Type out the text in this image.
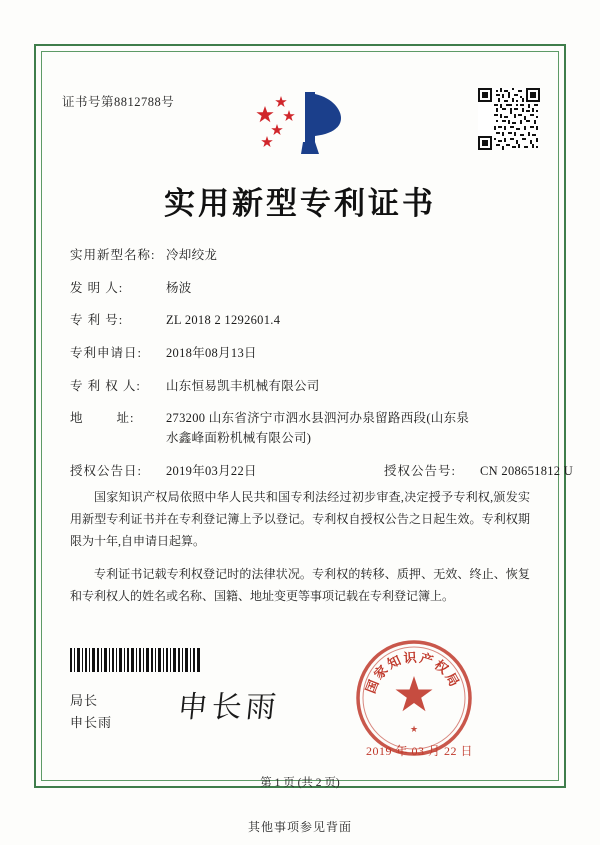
证书号第8812788号
实用新型专利证书
实用新型名称: 冷却绞龙
发 明 人:	杨波
专 利 号:	ZL 2018 2 1292601.4
专利申请日:	2018年08月13日
专 利 权 人:	山东恒易凯丰机械有限公司
地        址:	273200 山东省济宁市泗水县泗河办泉留路西段(山东泉
水鑫峰面粉机械有限公司)
授权公告日:	2019年03月22日	授权公告号:	CN 208651812 U

国家知识产权局依照中华人民共和国专利法经过初步审查,决定授予专利权,颁发实用新型专利证书并在专利登记簿上予以登记。专利权自授权公告之日起生效。专利权期限为十年,自申请日起算。

专利证书记载专利权登记时的法律状况。专利权的转移、质押、无效、终止、恢复和专利权人的姓名或名称、国籍、地址变更等事项记载在专利登记簿上。

局长
申长雨 申长雨
国家知识产权局
★
2019 年 03 月 22 日
第 1 页 (共 2 页)
其他事项参见背面
